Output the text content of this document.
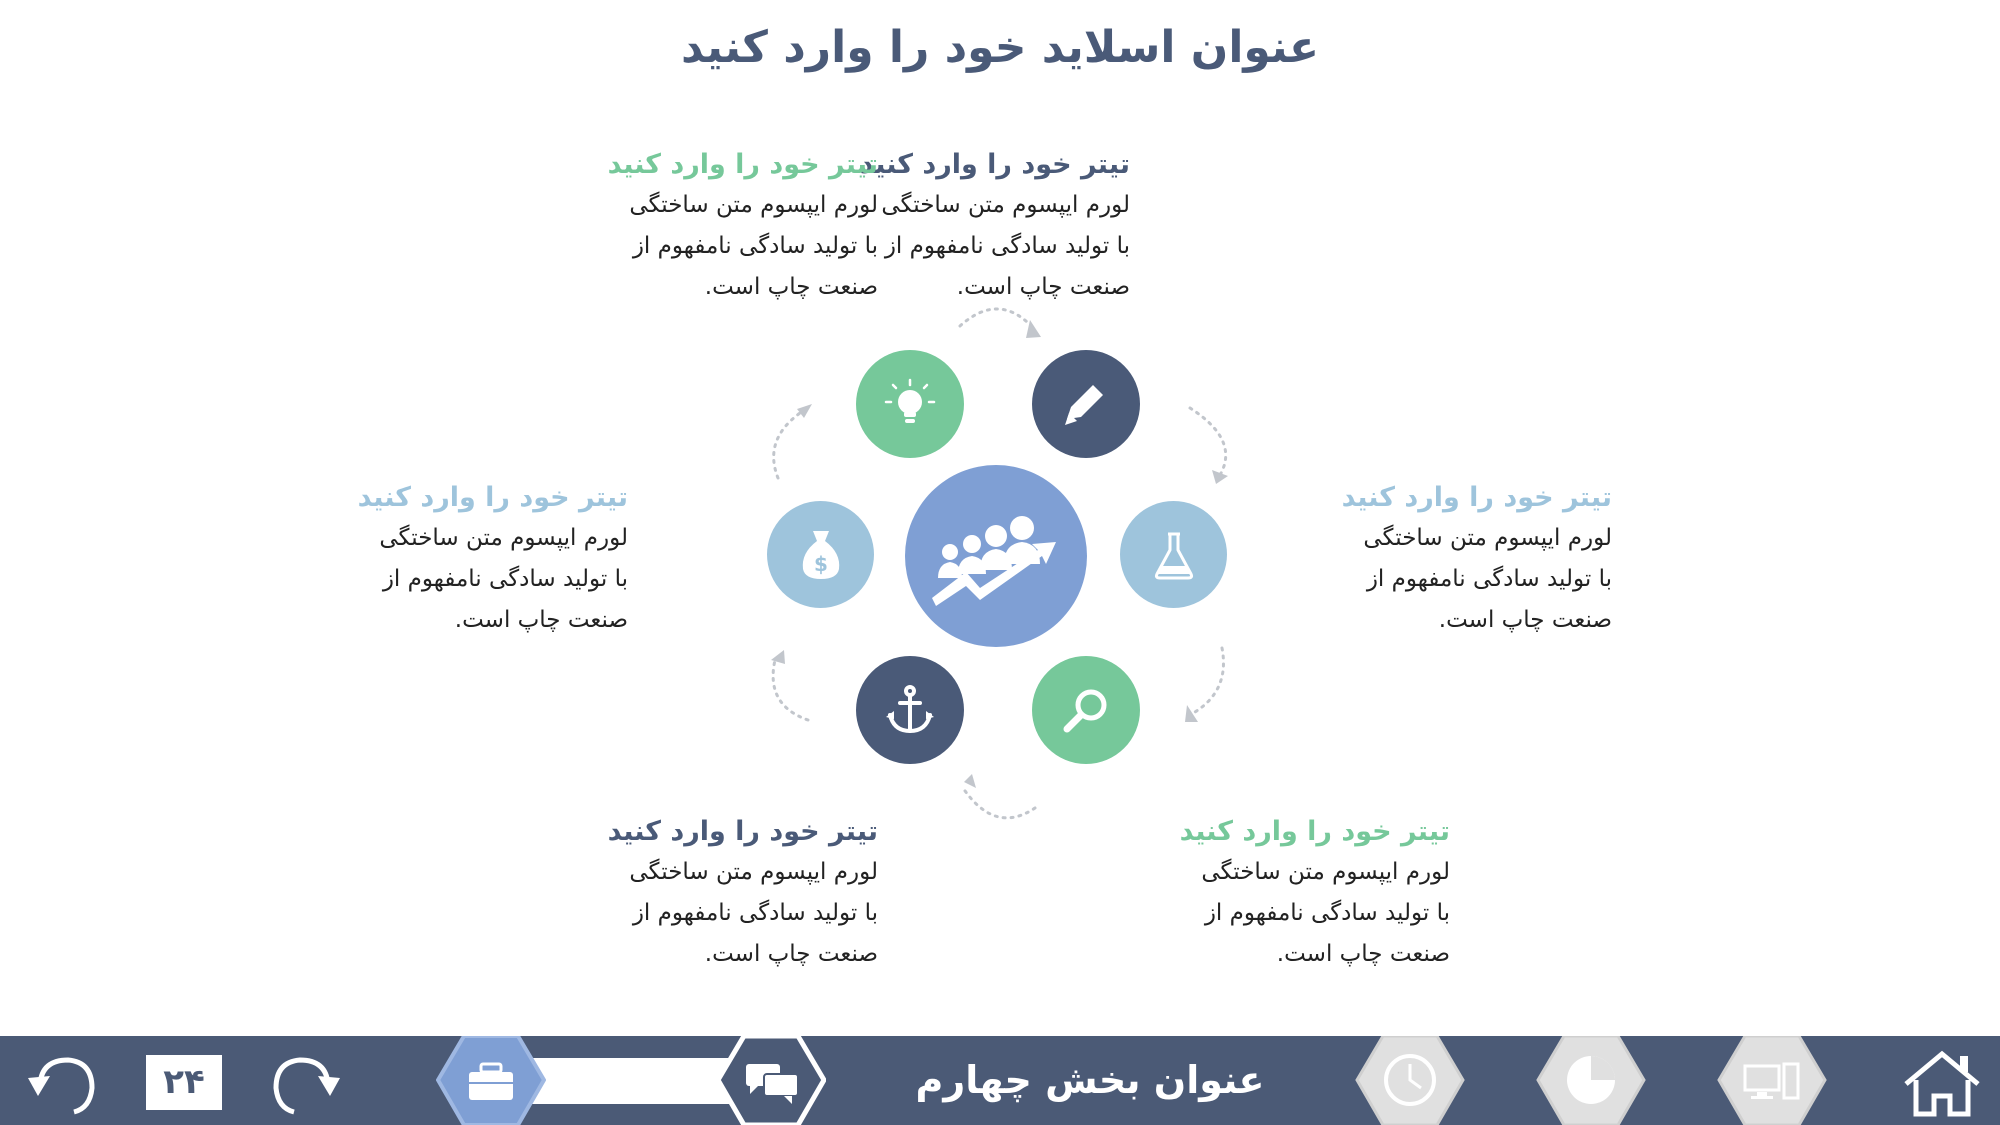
عنوان اسلاید خود را وارد کنید
تیتر خود را وارد کنید

لورم ایپسوم متن ساختگی

با تولید سادگی نامفهوم از

صنعت چاپ است.

تیتر خود را وارد کنید

لورم ایپسوم متن ساختگی

با تولید سادگی نامفهوم از

صنعت چاپ است.

تیتر خود را وارد کنید

لورم ایپسوم متن ساختگی

با تولید سادگی نامفهوم از

صنعت چاپ است.

تیتر خود را وارد کنید

لورم ایپسوم متن ساختگی

با تولید سادگی نامفهوم از

صنعت چاپ است.

تیتر خود را وارد کنید

لورم ایپسوم متن ساختگی

با تولید سادگی نامفهوم از

صنعت چاپ است.

تیتر خود را وارد کنید

لورم ایپسوم متن ساختگی

با تولید سادگی نامفهوم از

صنعت چاپ است.

$
۲۴	عنوان بخش چهارم
